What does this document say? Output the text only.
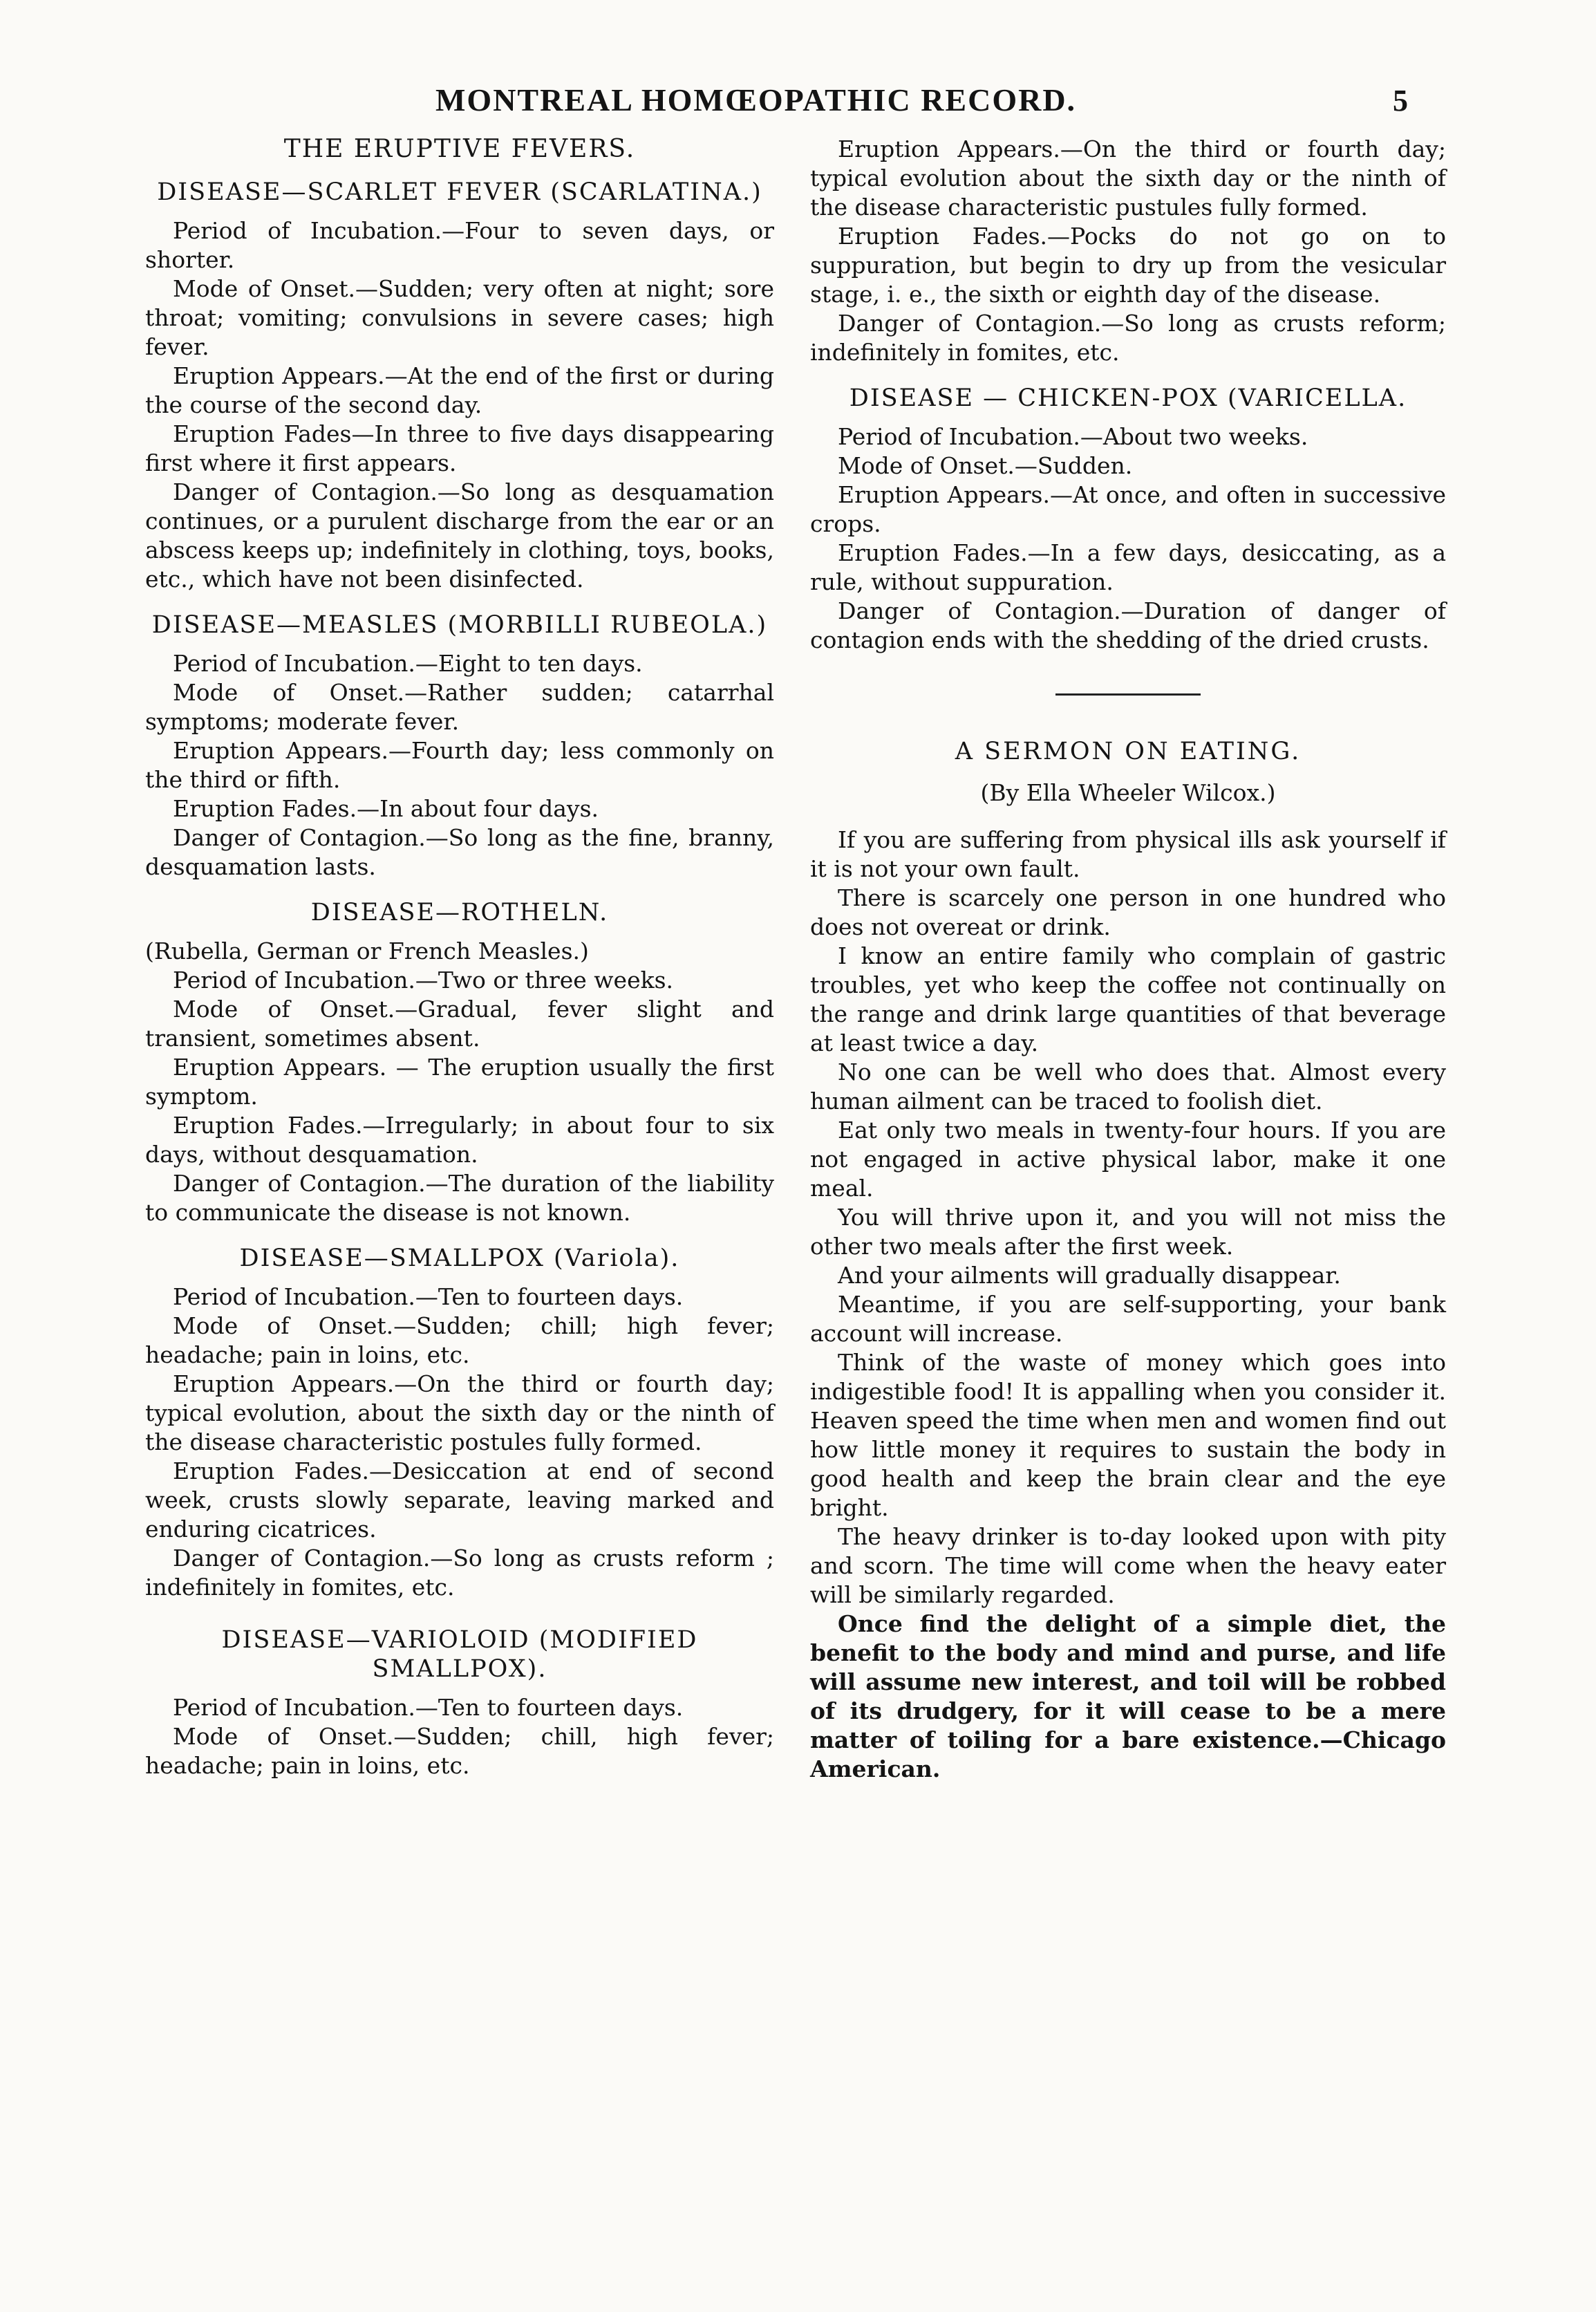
MONTREAL HOMŒOPATHIC RECORD.	5
THE ERUPTIVE FEVERS.
DISEASE—SCARLET FEVER (SCARLATINA.)

Period of Incubation.—Four to seven days, or shorter.

Mode of Onset.—Sudden; very often at night; sore throat; vomiting; convulsions in severe cases; high fever.

Eruption Appears.—At the end of the first or during the course of the second day.

Eruption Fades—In three to five days disappearing first where it first appears.

Danger of Contagion.—So long as desquamation continues, or a purulent discharge from the ear or an abscess keeps up; indefinitely in clothing, toys, books, etc., which have not been disinfected.

DISEASE—MEASLES (MORBILLI RUBEOLA.)

Period of Incubation.—Eight to ten days.

Mode of Onset.—Rather sudden; catarrhal symptoms; moderate fever.

Eruption Appears.—Fourth day; less commonly on the third or fifth.

Eruption Fades.—In about four days.

Danger of Contagion.—So long as the fine, branny, desquamation lasts.

DISEASE—ROTHELN.

(Rubella, German or French Measles.)

Period of Incubation.—Two or three weeks.

Mode of Onset.—Gradual, fever slight and transient, sometimes absent.

Eruption Appears. — The eruption usually the first symptom.

Eruption Fades.—Irregularly; in about four to six days, without desquamation.

Danger of Contagion.—The duration of the liability to communicate the disease is not known.

DISEASE—SMALLPOX (Variola).

Period of Incubation.—Ten to fourteen days.

Mode of Onset.—Sudden; chill; high fever; headache; pain in loins, etc.

Eruption Appears.—On the third or fourth day; typical evolution, about the sixth day or the ninth of the disease characteristic postules fully formed.

Eruption Fades.—Desiccation at end of second week, crusts slowly separate, leaving marked and enduring cicatrices.

Danger of Contagion.—So long as crusts reform ; indefinitely in fomites, etc.

DISEASE—VARIOLOID (MODIFIED SMALLPOX).

Period of Incubation.—Ten to fourteen days.

Mode of Onset.—Sudden; chill, high fever; headache; pain in loins, etc.

Eruption Appears.—On the third or fourth day; typical evolution about the sixth day or the ninth of the disease characteristic pustules fully formed.

Eruption Fades.—Pocks do not go on to suppuration, but begin to dry up from the vesicular stage, i. e., the sixth or eighth day of the disease.

Danger of Contagion.—So long as crusts reform; indefinitely in fomites, etc.

DISEASE — CHICKEN-POX (VARICELLA.

Period of Incubation.—About two weeks.

Mode of Onset.—Sudden.

Eruption Appears.—At once, and often in successive crops.

Eruption Fades.—In a few days, desiccating, as a rule, without suppuration.

Danger of Contagion.—Duration of danger of contagion ends with the shedding of the dried crusts.

A SERMON ON EATING.
(By Ella Wheeler Wilcox.)

If you are suffering from physical ills ask yourself if it is not your own fault.

There is scarcely one person in one hundred who does not overeat or drink.

I know an entire family who complain of gastric troubles, yet who keep the coffee not continually on the range and drink large quantities of that beverage at least twice a day.

No one can be well who does that. Almost every human ailment can be traced to foolish diet.

Eat only two meals in twenty-four hours. If you are not engaged in active physical labor, make it one meal.

You will thrive upon it, and you will not miss the other two meals after the first week.

And your ailments will gradually disappear.

Meantime, if you are self-supporting, your bank account will increase.

Think of the waste of money which goes into indigestible food! It is appalling when you consider it. Heaven speed the time when men and women find out how little money it requires to sustain the body in good health and keep the brain clear and the eye bright.

The heavy drinker is to-day looked upon with pity and scorn. The time will come when the heavy eater will be similarly regarded.

Once find the delight of a simple diet, the benefit to the body and mind and purse, and life will assume new interest, and toil will be robbed of its drudgery, for it will cease to be a mere matter of toiling for a bare existence.—Chicago American.
